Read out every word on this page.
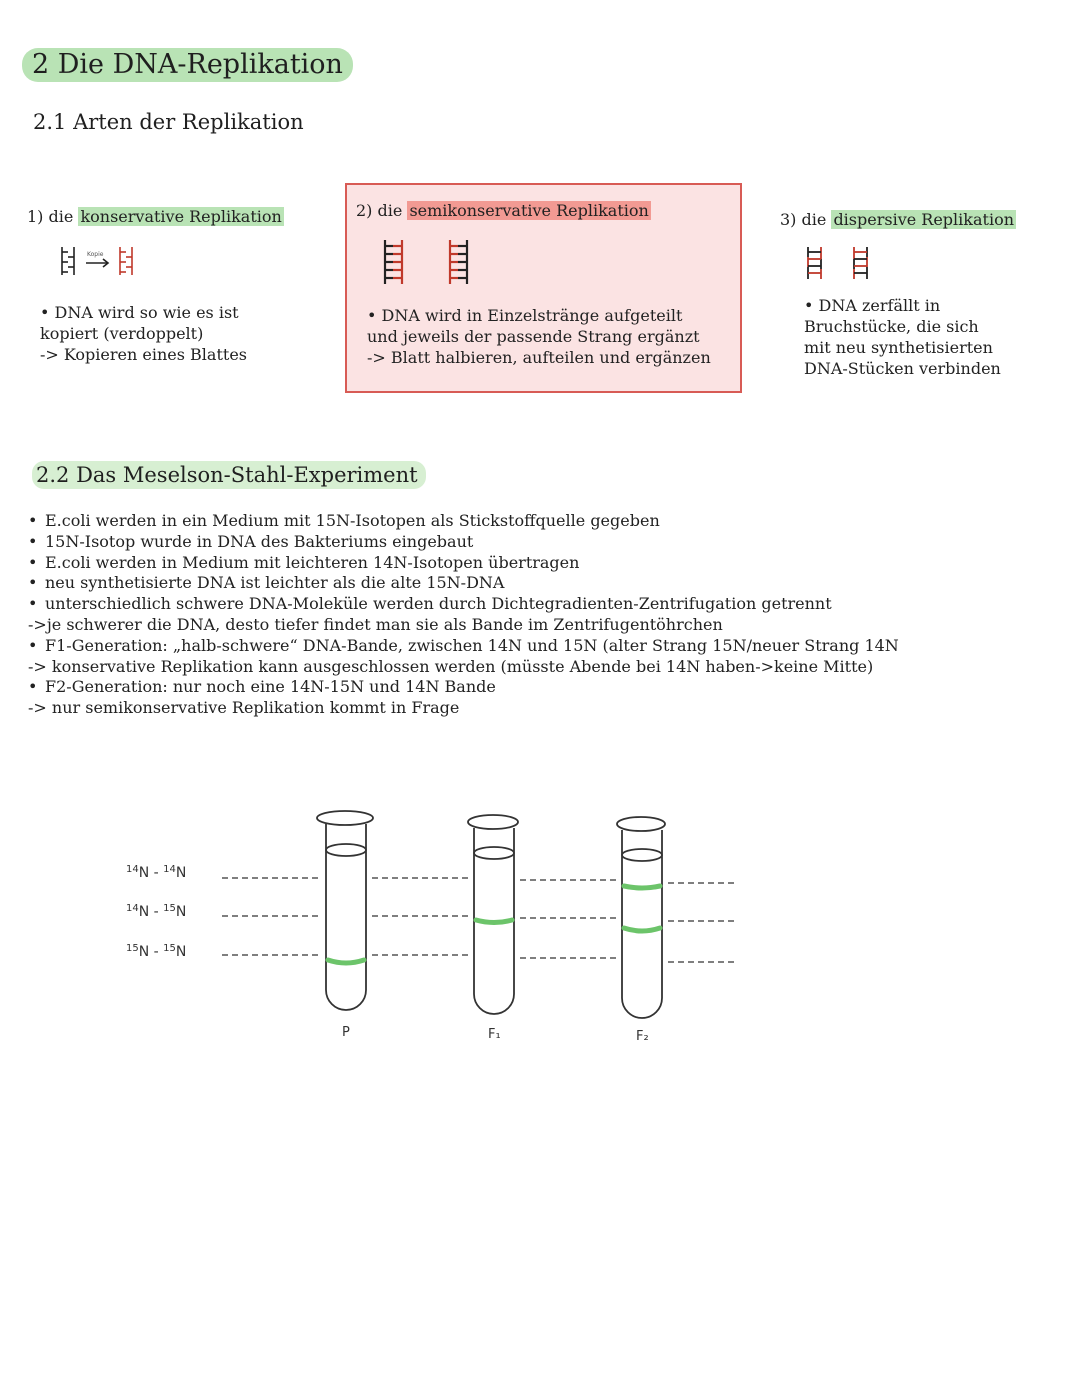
2 Die DNA-Replikation
2.1 Arten der Replikation
1) die konservative Replikation
Kopie
• DNA wird so wie es ist
kopiert (verdoppelt)
-> Kopieren eines Blattes
2) die semikonservative Replikation
• DNA wird in Einzelstränge aufgeteilt
und jeweils der passende Strang ergänzt
-> Blatt halbieren, aufteilen und ergänzen
3) die dispersive Replikation
• DNA zerfällt in
Bruchstücke, die sich
mit neu synthetisierten
DNA-Stücken verbinden
2.2 Das Meselson-Stahl-Experiment
• E.coli werden in ein Medium mit 15N-Isotopen als Stickstoffquelle gegeben
• 15N-Isotop wurde in DNA des Bakteriums eingebaut
• E.coli werden in Medium mit leichteren 14N-Isotopen übertragen
• neu synthetisierte DNA ist leichter als die alte 15N-DNA
• unterschiedlich schwere DNA-Moleküle werden durch Dichtegradienten-Zentrifugation getrennt
->je schwerer die DNA, desto tiefer findet man sie als Bande im Zentrifugentöhrchen
• F1-Generation: „halb-schwere“ DNA-Bande, zwischen 14N und 15N (alter Strang 15N/neuer Strang 14N
-> konservative Replikation kann ausgeschlossen werden (müsste Abende bei 14N haben->keine Mitte)
• F2-Generation: nur noch eine 14N-15N und 14N Bande
-> nur semikonservative Replikation kommt in Frage
$^{14}$N - $^{14}$N
$^{14}$N - $^{15}$N
$^{15}$N - $^{15}$N
P	F₁	F₂
